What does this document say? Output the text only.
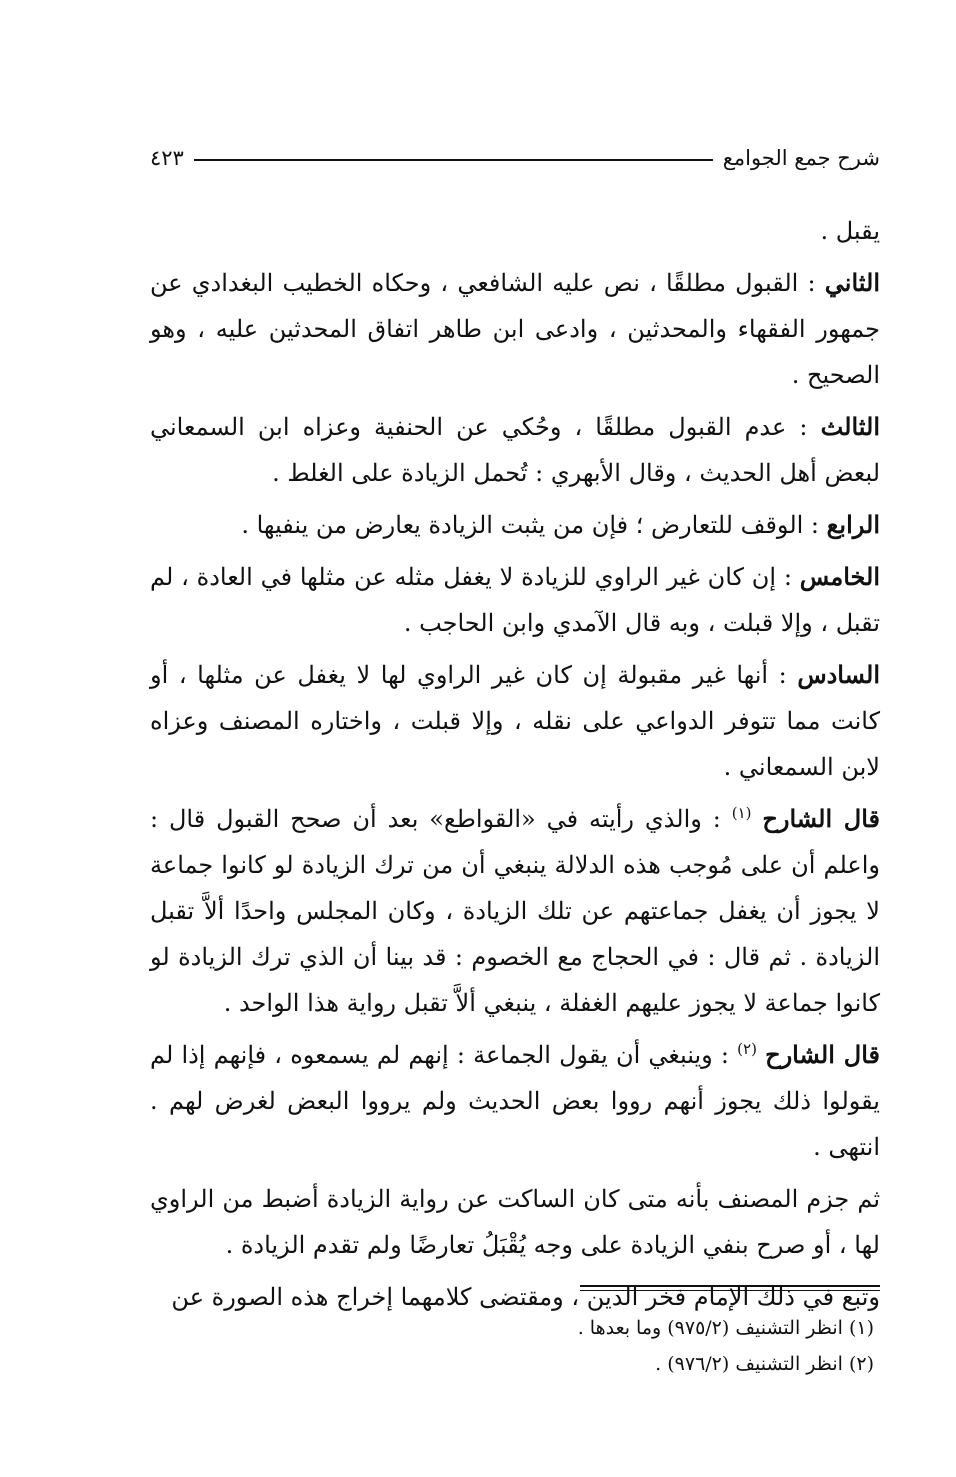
شرح جمع الجوامع
٤٢٣

يقبل .

الثاني : القبول مطلقًا ، نص عليه الشافعي ، وحكاه الخطيب البغدادي عن جمهور الفقهاء والمحدثين ، وادعى ابن طاهر اتفاق المحدثين عليه ، وهو الصحيح .

الثالث : عدم القبول مطلقًا ، وحُكي عن الحنفية وعزاه ابن السمعاني لبعض أهل الحديث ، وقال الأبهري : تُحمل الزيادة على الغلط .

الرابع : الوقف للتعارض ؛ فإن من يثبت الزيادة يعارض من ينفيها .

الخامس : إن كان غير الراوي للزيادة لا يغفل مثله عن مثلها في العادة ، لم تقبل ، وإلا قبلت ، وبه قال الآمدي وابن الحاجب .

السادس : أنها غير مقبولة إن كان غير الراوي لها لا يغفل عن مثلها ، أو كانت مما تتوفر الدواعي على نقله ، وإلا قبلت ، واختاره المصنف وعزاه لابن السمعاني .

قال الشارح $^{(١)}$ : والذي رأيته في «القواطع» بعد أن صحح القبول قال : واعلم أن على مُوجب هذه الدلالة ينبغي أن من ترك الزيادة لو كانوا جماعة لا يجوز أن يغفل جماعتهم عن تلك الزيادة ، وكان المجلس واحدًا ألاَّ تقبل الزيادة . ثم قال : في الحجاج مع الخصوم : قد بينا أن الذي ترك الزيادة لو كانوا جماعة لا يجوز عليهم الغفلة ، ينبغي ألاَّ تقبل رواية هذا الواحد .

قال الشارح $^{(٢)}$ : وينبغي أن يقول الجماعة : إنهم لم يسمعوه ، فإنهم إذا لم يقولوا ذلك يجوز أنهم رووا بعض الحديث ولم يرووا البعض لغرض لهم . انتهى .

ثم جزم المصنف بأنه متى كان الساكت عن رواية الزيادة أضبط من الراوي لها ، أو صرح بنفي الزيادة على وجه يُقْبَلُ تعارضًا ولم تقدم الزيادة .

وتبع في ذلك الإمام فخر الدين ، ومقتضى كلامهما إخراج هذه الصورة عن

(١) انظر التشنيف (٩٧٥/٢) وما بعدها .
(٢) انظر التشنيف (٩٧٦/٢) .
